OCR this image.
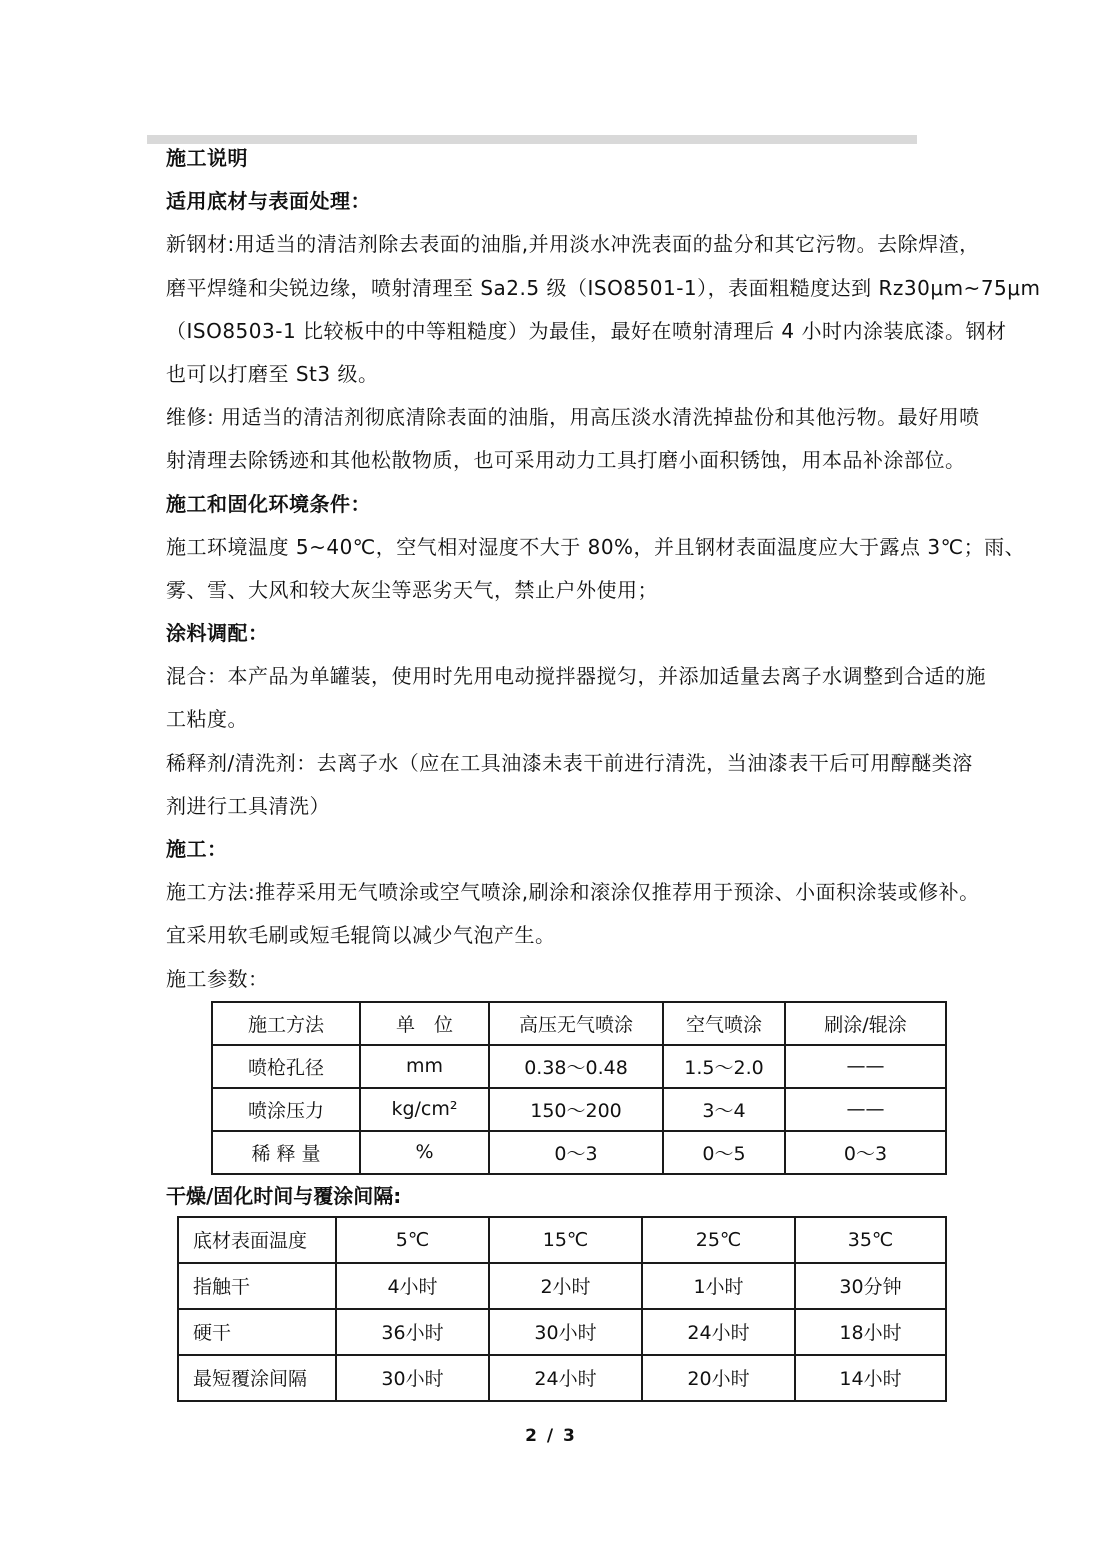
施工说明
适用底材与表面处理：
新钢材:用适当的清洁剂除去表面的油脂,并用淡水冲洗表面的盐分和其它污物。去除焊渣，
磨平焊缝和尖锐边缘，喷射清理至 Sa2.5 级（ISO8501-1），表面粗糙度达到 Rz30μm~75μm
（ISO8503-1 比较板中的中等粗糙度）为最佳，最好在喷射清理后 4 小时内涂装底漆。钢材
也可以打磨至 St3 级。
维修: 用适当的清洁剂彻底清除表面的油脂，用高压淡水清洗掉盐份和其他污物。最好用喷
射清理去除锈迹和其他松散物质，也可采用动力工具打磨小面积锈蚀，用本品补涂部位。
施工和固化环境条件：
施工环境温度 5~40℃，空气相对湿度不大于 80%，并且钢材表面温度应大于露点 3℃；雨、
雾、雪、大风和较大灰尘等恶劣天气，禁止户外使用；
涂料调配：
混合：本产品为单罐装，使用时先用电动搅拌器搅匀，并添加适量去离子水调整到合适的施
工粘度。
稀释剂/清洗剂：去离子水（应在工具油漆未表干前进行清洗，当油漆表干后可用醇醚类溶
剂进行工具清洗）
施工：
施工方法:推荐采用无气喷涂或空气喷涂,刷涂和滚涂仅推荐用于预涂、小面积涂装或修补。
宜采用软毛刷或短毛辊筒以减少气泡产生。
施工参数：
施工方法	单　位	高压无气喷涂	空气喷涂	刷涂/辊涂
喷枪孔径	mm	0.38～0.48	1.5～2.0	——
喷涂压力	kg/cm²	150～200	3～4	——
稀 释 量	%	0～3	0～5	0～3
干燥/固化时间与覆涂间隔:
底材表面温度	5℃	15℃	25℃	35℃
指触干	4小时	2小时	1小时	30分钟
硬干	36小时	30小时	24小时	18小时
最短覆涂间隔	30小时	24小时	20小时	14小时
2 / 3
